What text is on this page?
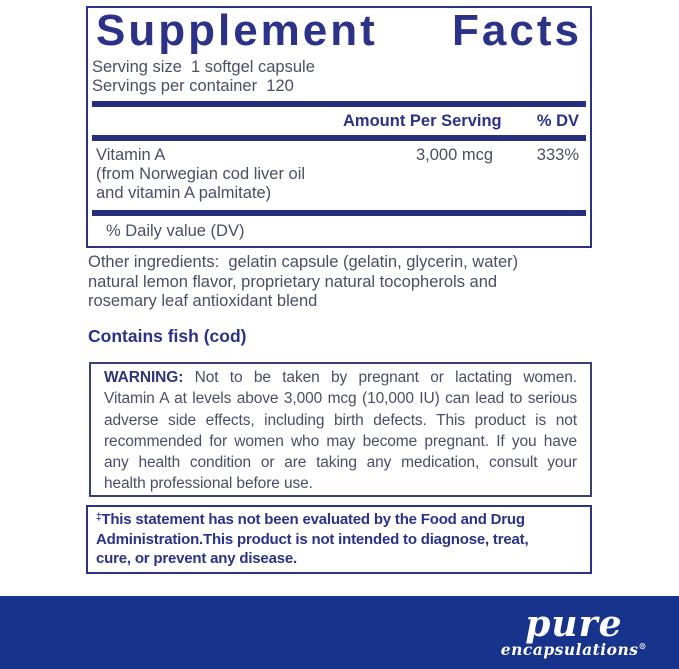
Supplement Facts
Serving size  1 softgel capsule
Servings per container  120
Amount Per Serving	% DV
Vitamin A
(from Norwegian cod liver oil
and vitamin A palmitate)
3,000 mcg	333%
% Daily value (DV)

Other ingredients:  gelatin capsule (gelatin, glycerin, water)
natural lemon flavor, proprietary natural tocopherols and
rosemary leaf antioxidant blend

Contains fish (cod)

WARNING: Not to be taken by pregnant or lactating women.
Vitamin A at levels above 3,000 mcg (10,000 IU) can lead to serious
adverse side effects, including birth defects. This product is not
recommended for women who may become pregnant. If you have
any health condition or are taking any medication, consult your
health professional before use.
‡This statement has not been evaluated by the Food and Drug
Administration.This product is not intended to diagnose, treat,
cure, or prevent any disease.
pure
encapsulations®
